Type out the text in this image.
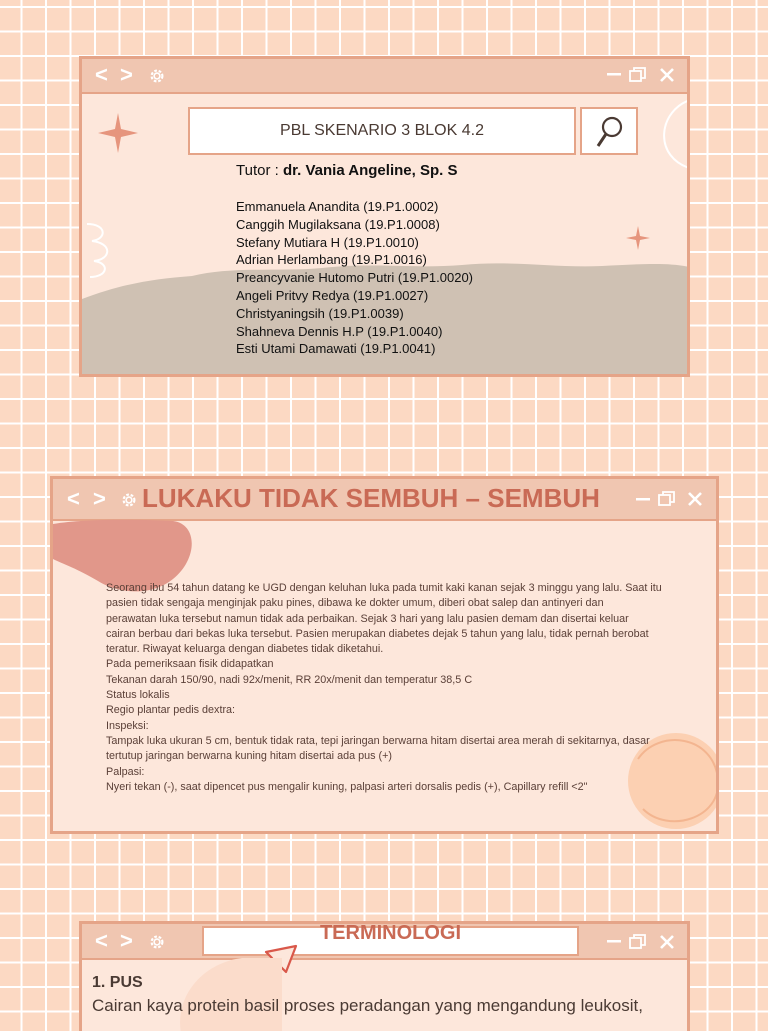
< >
PBL SKENARIO 3 BLOK 4.2
Tutor : dr. Vania Angeline, Sp. S
Emmanuela Anandita (19.P1.0002)
Canggih Mugilaksana (19.P1.0008)
Stefany Mutiara H (19.P1.0010)
Adrian Herlambang (19.P1.0016)
Preancyvanie Hutomo Putri (19.P1.0020)
Angeli Pritvy Redya (19.P1.0027)
Christyaningsih (19.P1.0039)
Shahneva Dennis H.P (19.P1.0040)
Esti Utami Damawati (19.P1.0041)
< > LUKAKU TIDAK SEMBUH – SEMBUH
Seorang ibu 54 tahun datang ke UGD dengan keluhan luka pada tumit kaki kanan sejak 3 minggu yang lalu. Saat itu
pasien tidak sengaja menginjak paku pines, dibawa ke dokter umum, diberi obat salep dan antinyeri dan
perawatan luka tersebut namun tidak ada perbaikan. Sejak 3 hari yang lalu pasien demam dan disertai keluar
cairan berbau dari bekas luka tersebut. Pasien merupakan diabetes dejak 5 tahun yang lalu, tidak pernah berobat
teratur. Riwayat keluarga dengan diabetes tidak diketahui.
Pada pemeriksaan fisik didapatkan
Tekanan darah 150/90, nadi 92x/menit, RR 20x/menit dan temperatur 38,5 C
Status lokalis
Regio plantar pedis dextra:
Inspeksi:
Tampak luka ukuran 5 cm, bentuk tidak rata, tepi jaringan berwarna hitam disertai area merah di sekitarnya, dasar
tertutup jaringan berwarna kuning hitam disertai ada pus (+)
Palpasi:
Nyeri tekan (-), saat dipencet pus mengalir kuning, palpasi arteri dorsalis pedis (+), Capillary refill <2"
< >	TERMINOLOGI
1. PUS
Cairan kaya protein basil proses peradangan yang mengandung leukosit,
